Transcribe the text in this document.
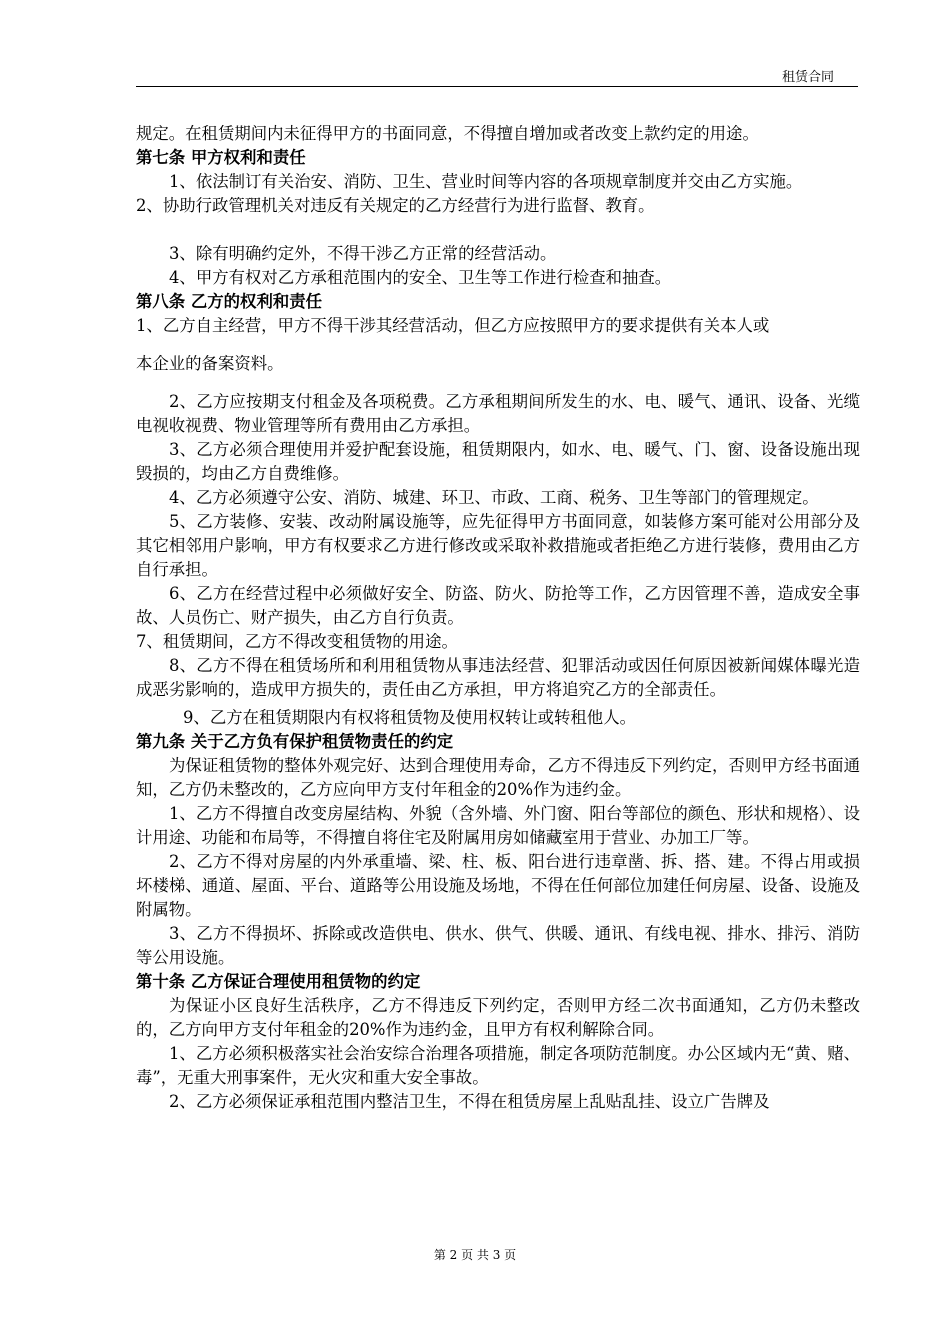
租赁合同

规定。在租赁期间内未征得甲方的书面同意，不得擅自增加或者改变上款约定的用途。

第七条 甲方权利和责任

1、依法制订有关治安、消防、卫生、营业时间等内容的各项规章制度并交由乙方实施。

2、协助行政管理机关对违反有关规定的乙方经营行为进行监督、教育。

3、除有明确约定外，不得干涉乙方正常的经营活动。

4、甲方有权对乙方承租范围内的安全、卫生等工作进行检查和抽查。

第八条 乙方的权利和责任

1、乙方自主经营，甲方不得干涉其经营活动，但乙方应按照甲方的要求提供有关本人或

本企业的备案资料。

2、乙方应按期支付租金及各项税费。乙方承租期间所发生的水、电、暖气、通讯、设备、光缆电视收视费、物业管理等所有费用由乙方承担。

3、乙方必须合理使用并爱护配套设施，租赁期限内，如水、电、暖气、门、窗、设备设施出现毁损的，均由乙方自费维修。

4、乙方必须遵守公安、消防、城建、环卫、市政、工商、税务、卫生等部门的管理规定。

5、乙方装修、安装、改动附属设施等，应先征得甲方书面同意，如装修方案可能对公用部分及其它相邻用户影响，甲方有权要求乙方进行修改或采取补救措施或者拒绝乙方进行装修，费用由乙方自行承担。

6、乙方在经营过程中必须做好安全、防盗、防火、防抢等工作，乙方因管理不善，造成安全事故、人员伤亡、财产损失，由乙方自行负责。

7、租赁期间，乙方不得改变租赁物的用途。

8、乙方不得在租赁场所和利用租赁物从事违法经营、犯罪活动或因任何原因被新闻媒体曝光造成恶劣影响的，造成甲方损失的，责任由乙方承担，甲方将追究乙方的全部责任。

9、乙方在租赁期限内有权将租赁物及使用权转让或转租他人。

第九条 关于乙方负有保护租赁物责任的约定

为保证租赁物的整体外观完好、达到合理使用寿命，乙方不得违反下列约定，否则甲方经书面通知，乙方仍未整改的，乙方应向甲方支付年租金的20%作为违约金。

1、乙方不得擅自改变房屋结构、外貌（含外墙、外门窗、阳台等部位的颜色、形状和规格）、设计用途、功能和布局等，不得擅自将住宅及附属用房如储藏室用于营业、办加工厂等。

2、乙方不得对房屋的内外承重墙、梁、柱、板、阳台进行违章凿、拆、搭、建。不得占用或损坏楼梯、通道、屋面、平台、道路等公用设施及场地，不得在任何部位加建任何房屋、设备、设施及附属物。

3、乙方不得损坏、拆除或改造供电、供水、供气、供暖、通讯、有线电视、排水、排污、消防等公用设施。

第十条 乙方保证合理使用租赁物的约定

为保证小区良好生活秩序，乙方不得违反下列约定，否则甲方经二次书面通知，乙方仍未整改的，乙方向甲方支付年租金的20%作为违约金，且甲方有权利解除合同。

1、乙方必须积极落实社会治安综合治理各项措施，制定各项防范制度。办公区域内无“黄、赌、毒”，无重大刑事案件，无火灾和重大安全事故。

2、乙方必须保证承租范围内整洁卫生，不得在租赁房屋上乱贴乱挂、设立广告牌及

第 2 页 共 3 页
